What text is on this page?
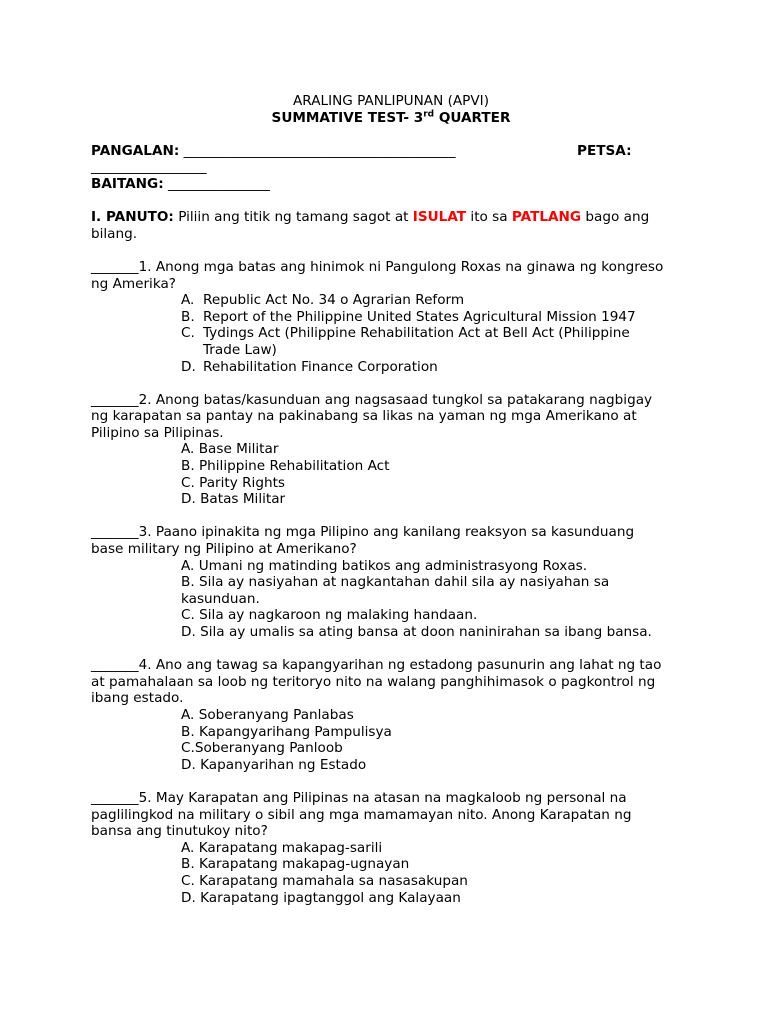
ARALING PANLIPUNAN (APVI)
SUMMATIVE TEST- 3rd QUARTER
PANGALAN: ________________________________________	PETSA:
_________________
BAITANG: _______________
I. PANUTO: Piliin ang titik ng tamang sagot at ISULAT ito sa PATLANG bago ang
bilang.
_______1. Anong mga batas ang hinimok ni Pangulong Roxas na ginawa ng kongreso
ng Amerika?
A. Republic Act No. 34 o Agrarian Reform
B. Report of the Philippine United States Agricultural Mission 1947
C. Tydings Act (Philippine Rehabilitation Act at Bell Act (Philippine
Trade Law)
D. Rehabilitation Finance Corporation
_______2. Anong batas/kasunduan ang nagsasaad tungkol sa patakarang nagbigay
ng karapatan sa pantay na pakinabang sa likas na yaman ng mga Amerikano at
Pilipino sa Pilipinas.
A. Base Militar
B. Philippine Rehabilitation Act
C. Parity Rights
D. Batas Militar
_______3. Paano ipinakita ng mga Pilipino ang kanilang reaksyon sa kasunduang
base military ng Pilipino at Amerikano?
A. Umani ng matinding batikos ang administrasyong Roxas.
B. Sila ay nasiyahan at nagkantahan dahil sila ay nasiyahan sa
kasunduan.
C. Sila ay nagkaroon ng malaking handaan.
D. Sila ay umalis sa ating bansa at doon naninirahan sa ibang bansa.
_______4. Ano ang tawag sa kapangyarihan ng estadong pasunurin ang lahat ng tao
at pamahalaan sa loob ng teritoryo nito na walang panghihimasok o pagkontrol ng
ibang estado.
A. Soberanyang Panlabas
B. Kapangyarihang Pampulisya
C.Soberanyang Panloob
D. Kapanyarihan ng Estado
_______5. May Karapatan ang Pilipinas na atasan na magkaloob ng personal na
paglilingkod na military o sibil ang mga mamamayan nito. Anong Karapatan ng
bansa ang tinutukoy nito?
A. Karapatang makapag-sarili
B. Karapatang makapag-ugnayan
C. Karapatang mamahala sa nasasakupan
D. Karapatang ipagtanggol ang Kalayaan
